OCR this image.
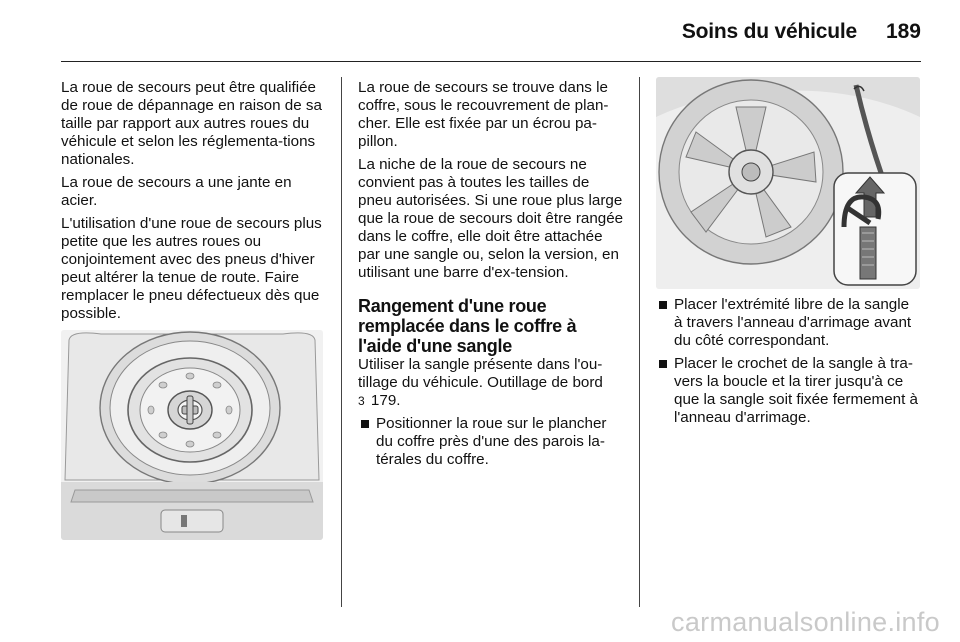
Soins du véhicule 189

La roue de secours peut être qualifiée de roue de dépannage en raison de sa taille par rapport aux autres roues du véhicule et selon les réglementa-tions nationales.

La roue de secours a une jante en acier.

L'utilisation d'une roue de secours plus petite que les autres roues ou conjointement avec des pneus d'hiver peut altérer la tenue de route. Faire remplacer le pneu défectueux dès que possible.

La roue de secours se trouve dans le coffre, sous le recouvrement de plan-cher. Elle est fixée par un écrou pa-pillon.

La niche de la roue de secours ne convient pas à toutes les tailles de pneu autorisées. Si une roue plus large que la roue de secours doit être rangée dans le coffre, elle doit être attachée par une sangle ou, selon la version, en utilisant une barre d'ex-tension.

Rangement d'une roue remplacée dans le coffre à l'aide d'une sangle

Utiliser la sangle présente dans l'ou-tillage du véhicule. Outillage de bord
3 179.

Positionner la roue sur le plancher du coffre près d'une des parois la-térales du coffre.
Placer l'extrémité libre de la sangle à travers l'anneau d'arrimage avant du côté correspondant.
Placer le crochet de la sangle à tra-vers la boucle et la tirer jusqu'à ce que la sangle soit fixée fermement à l'anneau d'arrimage.
carmanualsonline.info
